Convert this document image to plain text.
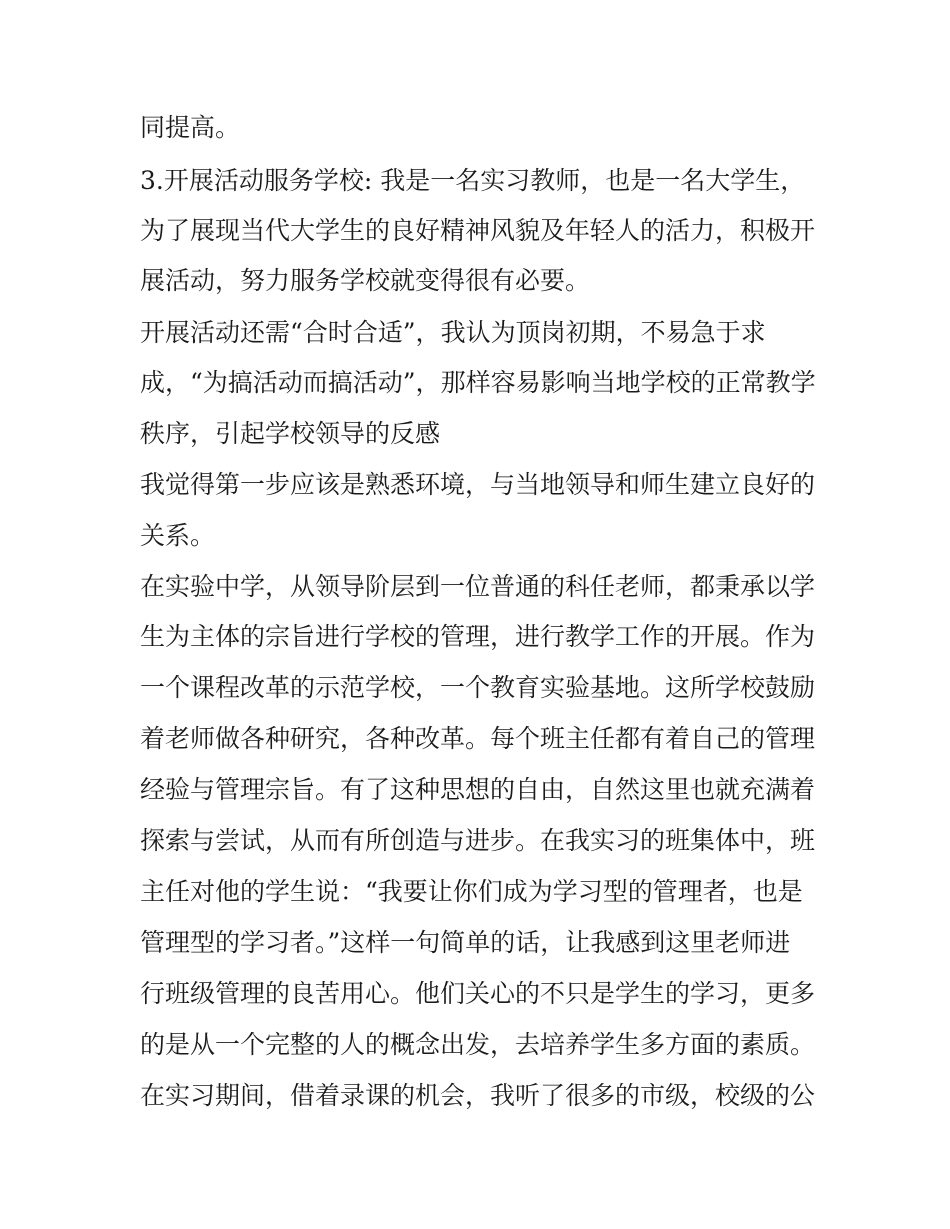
同提高。
3.开展活动服务学校: 我是一名实习教师，也是一名大学生，
为了展现当代大学生的良好精神风貌及年轻人的活力，积极开
展活动，努力服务学校就变得很有必要。
开展活动还需“合时合适”，我认为顶岗初期，不易急于求
成，“为搞活动而搞活动”，那样容易影响当地学校的正常教学
秩序，引起学校领导的反感
我觉得第一步应该是熟悉环境，与当地领导和师生建立良好的
关系。
在实验中学，从领导阶层到一位普通的科任老师，都秉承以学
生为主体的宗旨进行学校的管理，进行教学工作的开展。作为
一个课程改革的示范学校，一个教育实验基地。这所学校鼓励
着老师做各种研究，各种改革。每个班主任都有着自己的管理
经验与管理宗旨。有了这种思想的自由，自然这里也就充满着
探索与尝试，从而有所创造与进步。在我实习的班集体中，班
主任对他的学生说：“我要让你们成为学习型的管理者，也是
管理型的学习者。”这样一句简单的话，让我感到这里老师进
行班级管理的良苦用心。他们关心的不只是学生的学习，更多
的是从一个完整的人的概念出发，去培养学生多方面的素质。
在实习期间，借着录课的机会，我听了很多的市级，校级的公
